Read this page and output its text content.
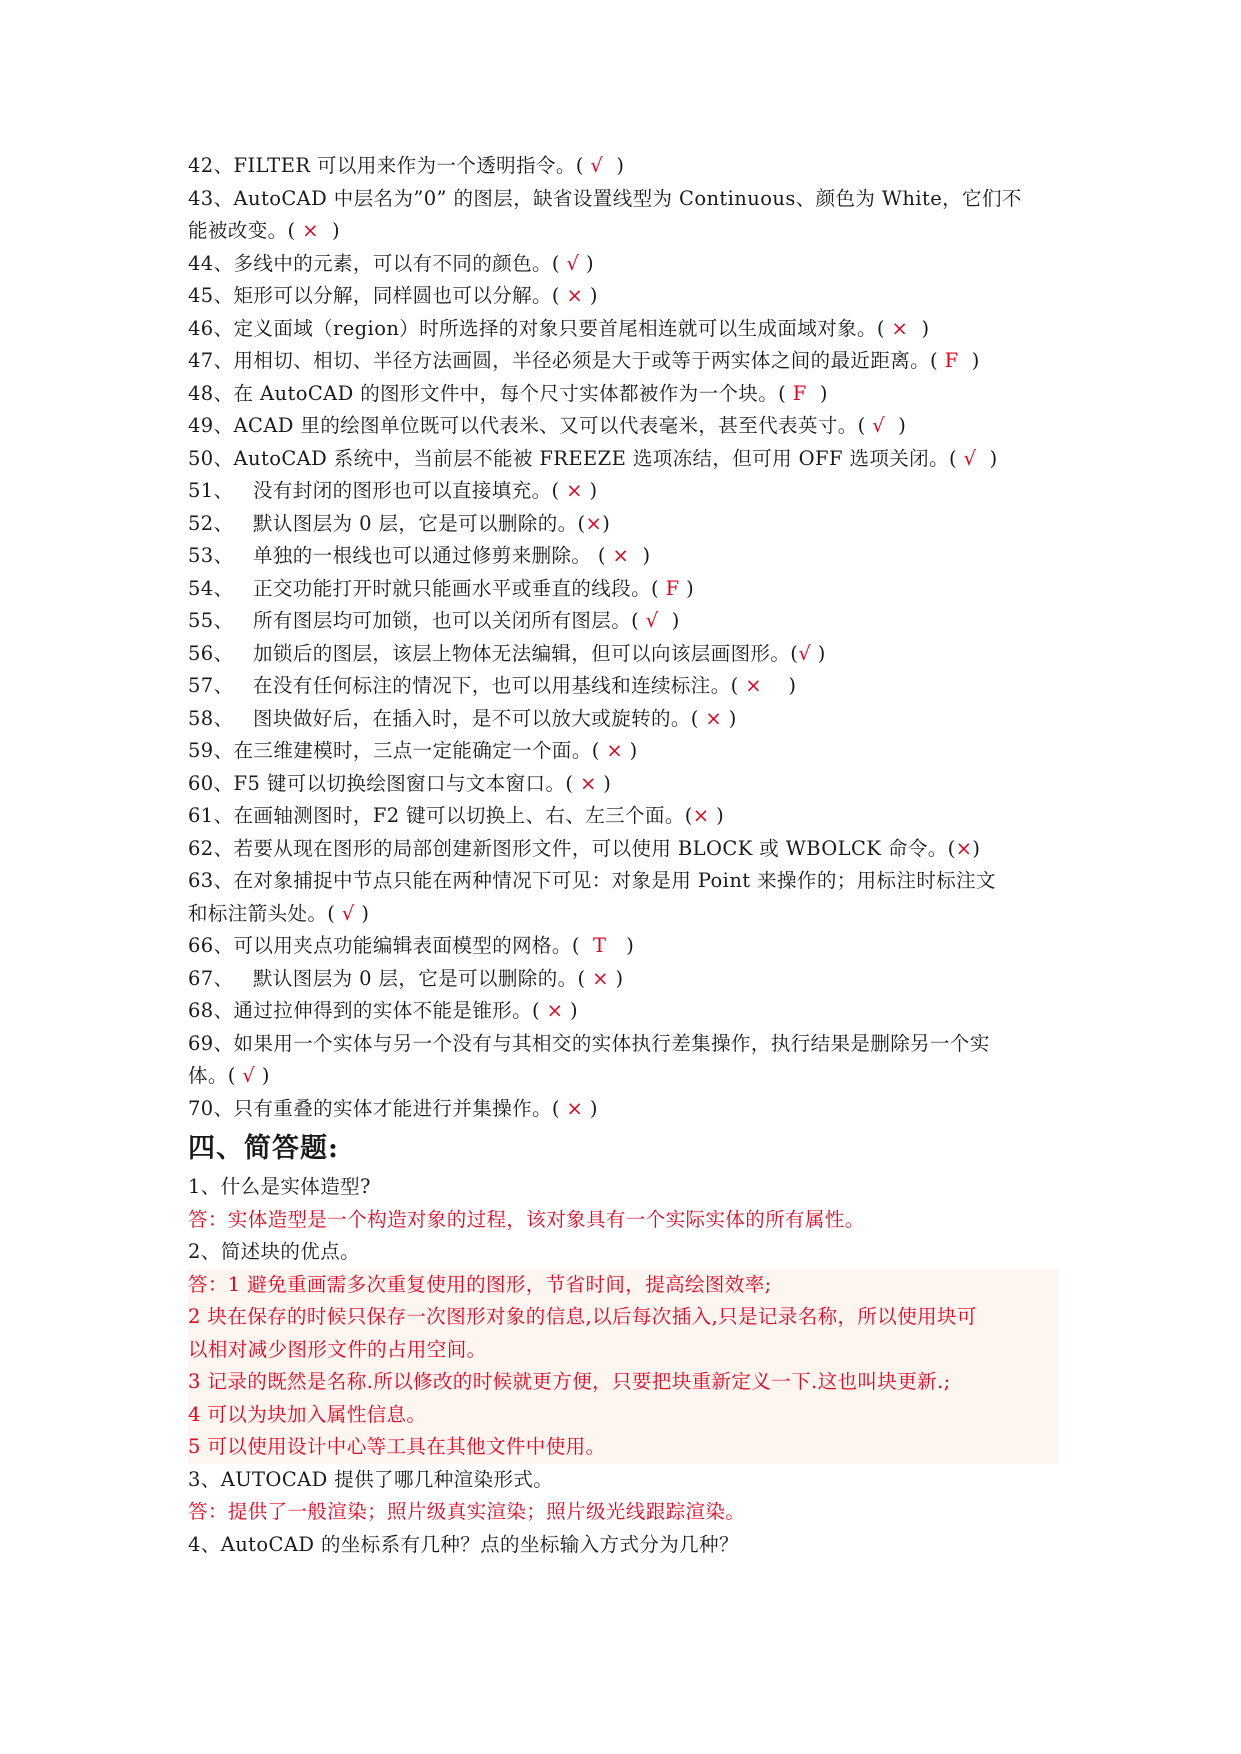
42、FILTER 可以用来作为一个透明指令。( √  )
43、AutoCAD 中层名为”0” 的图层，缺省设置线型为 Continuous、颜色为 White，它们不
能被改变。( ×  )
44、多线中的元素，可以有不同的颜色。( √ )
45、矩形可以分解，同样圆也可以分解。( × )
46、定义面域（region）时所选择的对象只要首尾相连就可以生成面域对象。( ×  )
47、用相切、相切、半径方法画圆，半径必须是大于或等于两实体之间的最近距离。( F  )
48、在 AutoCAD 的图形文件中，每个尺寸实体都被作为一个块。( F  )
49、ACAD 里的绘图单位既可以代表米、又可以代表毫米，甚至代表英寸。( √  )
50、AutoCAD 系统中，当前层不能被 FREEZE 选项冻结，但可用 OFF 选项关闭。( √  )
51、 没有封闭的图形也可以直接填充。( × )
52、 默认图层为 0 层，它是可以删除的。(×)
53、 单独的一根线也可以通过修剪来删除。 ( ×  )
54、 正交功能打开时就只能画水平或垂直的线段。( F )
55、 所有图层均可加锁，也可以关闭所有图层。( √  )
56、 加锁后的图层，该层上物体无法编辑，但可以向该层画图形。(√ )
57、 在没有任何标注的情况下，也可以用基线和连续标注。( ×    )
58、 图块做好后，在插入时，是不可以放大或旋转的。( × )
59、在三维建模时，三点一定能确定一个面。( × )
60、F5 键可以切换绘图窗口与文本窗口。( × )
61、在画轴测图时，F2 键可以切换上、右、左三个面。(× )
62、若要从现在图形的局部创建新图形文件，可以使用 BLOCK 或 WBOLCK 命令。(×)
63、在对象捕捉中节点只能在两种情况下可见：对象是用 Point 来操作的；用标注时标注文
和标注箭头处。( √ )
66、可以用夹点功能编辑表面模型的网格。(  T   )
67、 默认图层为 0 层，它是可以删除的。( × )
68、通过拉伸得到的实体不能是锥形。( × )
69、如果用一个实体与另一个没有与其相交的实体执行差集操作，执行结果是删除另一个实
体。( √ )
70、只有重叠的实体才能进行并集操作。( × )
四、简答题:
1、什么是实体造型?
答：实体造型是一个构造对象的过程，该对象具有一个实际实体的所有属性。
2、简述块的优点。
答：1 避免重画需多次重复使用的图形，节省时间，提高绘图效率;
2 块在保存的时候只保存一次图形对象的信息,以后每次插入,只是记录名称，所以使用块可
以相对减少图形文件的占用空间。
3 记录的既然是名称.所以修改的时候就更方便，只要把块重新定义一下.这也叫块更新.;
4 可以为块加入属性信息。
5 可以使用设计中心等工具在其他文件中使用。
3、AUTOCAD 提供了哪几种渲染形式。
答：提供了一般渲染；照片级真实渲染；照片级光线跟踪渲染。
4、AutoCAD 的坐标系有几种？点的坐标输入方式分为几种？
